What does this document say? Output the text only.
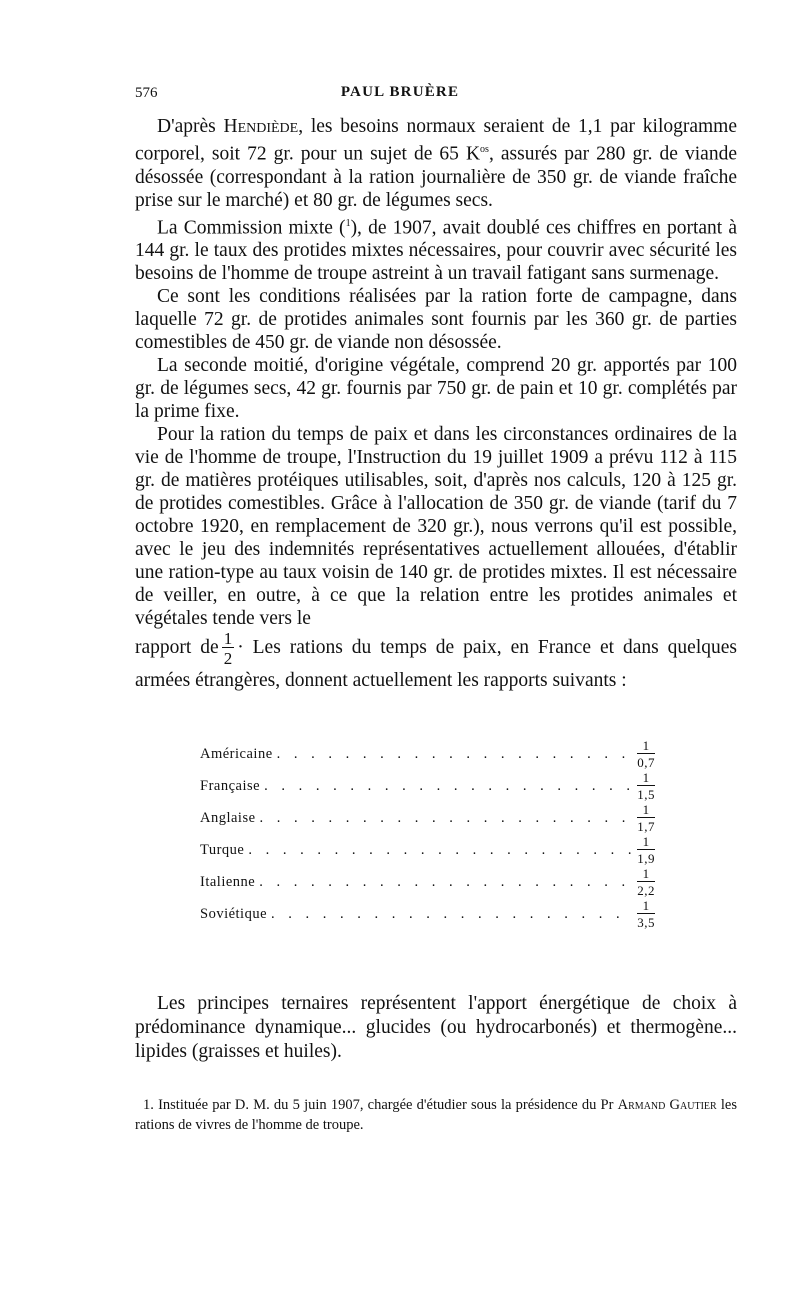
576	PAUL BRUÈRE

D'après Hendiède, les besoins normaux seraient de 1,1 par kilogramme corporel, soit 72 gr. pour un sujet de 65 $K^{os}$, assurés par 280 gr. de viande désossée (correspondant à la ration journalière de 350 gr. de viande fraîche prise sur le marché) et 80 gr. de légumes secs.

La Commission mixte ($^1$), de 1907, avait doublé ces chiffres en portant à 144 gr. le taux des protides mixtes nécessaires, pour couvrir avec sécurité les besoins de l'homme de troupe astreint à un travail fatigant sans surmenage.

Ce sont les conditions réalisées par la ration forte de campagne, dans laquelle 72 gr. de protides animales sont fournis par les 360 gr. de parties comestibles de 450 gr. de viande non désossée.

La seconde moitié, d'origine végétale, comprend 20 gr. apportés par 100 gr. de légumes secs, 42 gr. fournis par 750 gr. de pain et 10 gr. complétés par la prime fixe.

Pour la ration du temps de paix et dans les circonstances ordinaires de la vie de l'homme de troupe, l'Instruction du 19 juillet 1909 a prévu 112 à 115 gr. de matières protéiques utilisables, soit, d'après nos calculs, 120 à 125 gr. de protides comestibles. Grâce à l'allocation de 350 gr. de viande (tarif du 7 octobre 1920, en remplacement de 320 gr.), nous verrons qu'il est possible, avec le jeu des indemnités représentatives actuellement allouées, d'établir une ration-type au taux voisin de 140 gr. de protides mixtes. Il est nécessaire de veiller, en outre, à ce que la relation entre les protides animales et végétales tende vers le

rapport de $\frac{1}{2}$ · Les rations du temps de paix, en France et dans quelques armées étrangères, donnent actuellement les rapports suivants :

Américaine . . .	$\frac{1}{0,7}$
Française . . .	$\frac{1}{1,5}$
Anglaise . . .	$\frac{1}{1,7}$
Turque . . .	$\frac{1}{1,9}$
Italienne . . .	$\frac{1}{2,2}$
Soviétique . . .	$\frac{1}{3,5}$

Les principes ternaires représentent l'apport énergétique de choix à prédominance dynamique... glucides (ou hydrocarbonés) et thermogène... lipides (graisses et huiles).

1. Instituée par D. M. du 5 juin 1907, chargée d'étudier sous la présidence du Pr Armand Gautier les rations de vivres de l'homme de troupe.
